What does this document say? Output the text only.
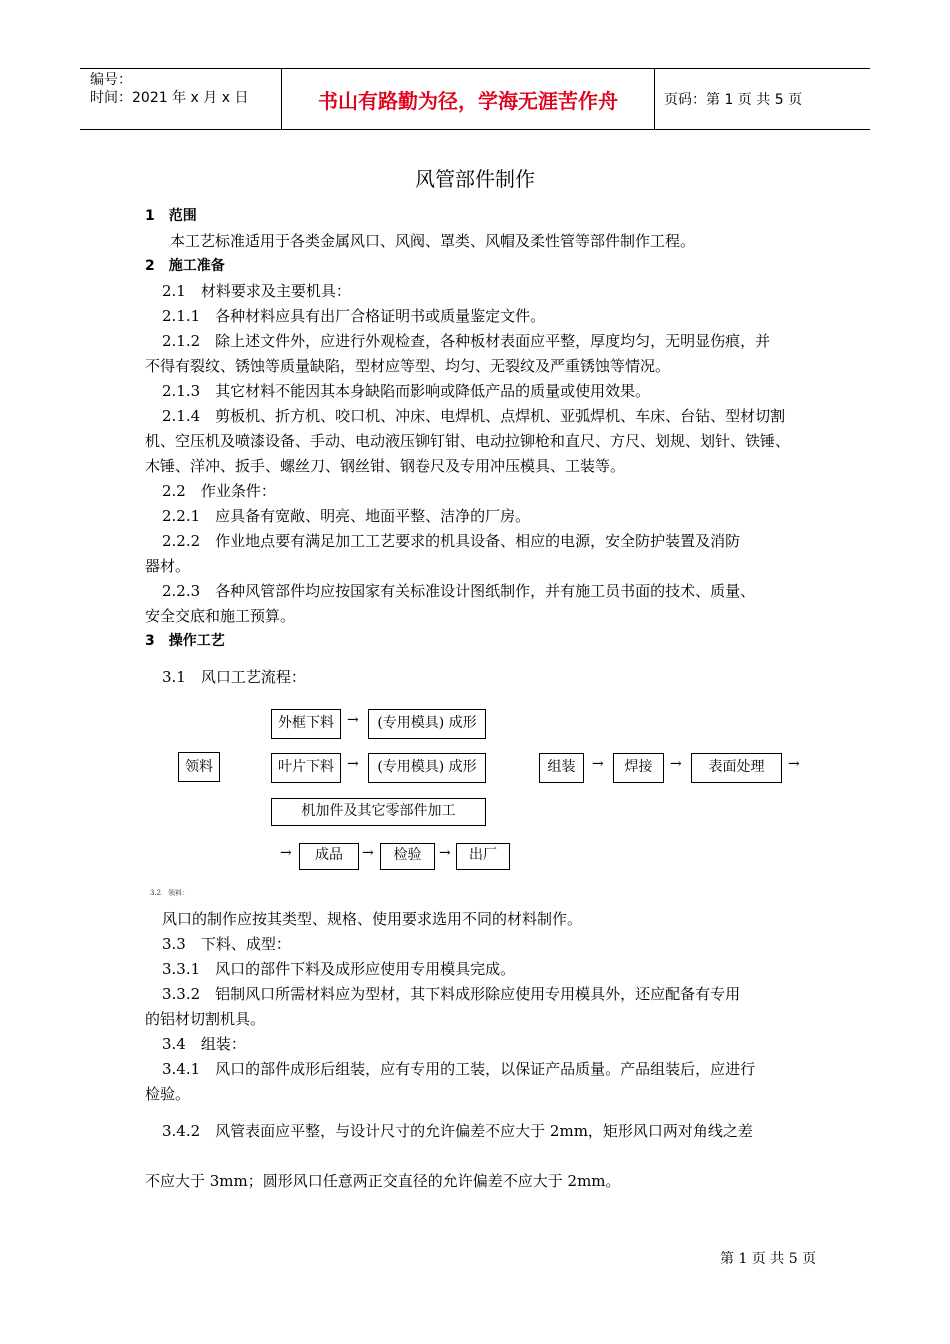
编号：
时间：2021 年 x 月 x 日	书山有路勤为径，学海无涯苦作舟	页码：第 1 页 共 5 页
风管部件制作
1　范围
本工艺标准适用于各类金属风口、风阀、罩类、风帽及柔性管等部件制作工程。
2　施工准备
2.1　材料要求及主要机具：
2.1.1　各种材料应具有出厂合格证明书或质量鉴定文件。
2.1.2　除上述文件外，应进行外观检查，各种板材表面应平整，厚度均匀，无明显伤痕，并
不得有裂纹、锈蚀等质量缺陷，型材应等型、均匀、无裂纹及严重锈蚀等情况。
2.1.3　其它材料不能因其本身缺陷而影响或降低产品的质量或使用效果。
2.1.4　剪板机、折方机、咬口机、冲床、电焊机、点焊机、亚弧焊机、车床、台钻、型材切割
机、空压机及喷漆设备、手动、电动液压铆钉钳、电动拉铆枪和直尺、方尺、划规、划针、铁锤、
木锤、洋冲、扳手、螺丝刀、钢丝钳、钢卷尺及专用冲压模具、工装等。
2.2　作业条件：
2.2.1　应具备有宽敞、明亮、地面平整、洁净的厂房。
2.2.2　作业地点要有满足加工工艺要求的机具设备、相应的电源，安全防护装置及消防
器材。
2.2.3　各种风管部件均应按国家有关标准设计图纸制作，并有施工员书面的技术、质量、
安全交底和施工预算。
3　操作工艺
3.1　风口工艺流程：
领料
外框下料 →	(专用模具) 成形
叶片下料 →	(专用模具) 成形
机加件及其它零部件加工
组装	→	焊接	→	表面处理	→
→	成品	→	检验	→	出厂
3.2　领料：
风口的制作应按其类型、规格、使用要求选用不同的材料制作。
3.3　下料、成型：
3.3.1　风口的部件下料及成形应使用专用模具完成。
3.3.2　铝制风口所需材料应为型材，其下料成形除应使用专用模具外，还应配备有专用
的铝材切割机具。
3.4　组装：
3.4.1　风口的部件成形后组装，应有专用的工装，以保证产品质量。产品组装后，应进行
检验。
3.4.2　风管表面应平整，与设计尺寸的允许偏差不应大于 2mm，矩形风口两对角线之差
不应大于 3mm；圆形风口任意两正交直径的允许偏差不应大于 2mm。
第 1 页 共 5 页
